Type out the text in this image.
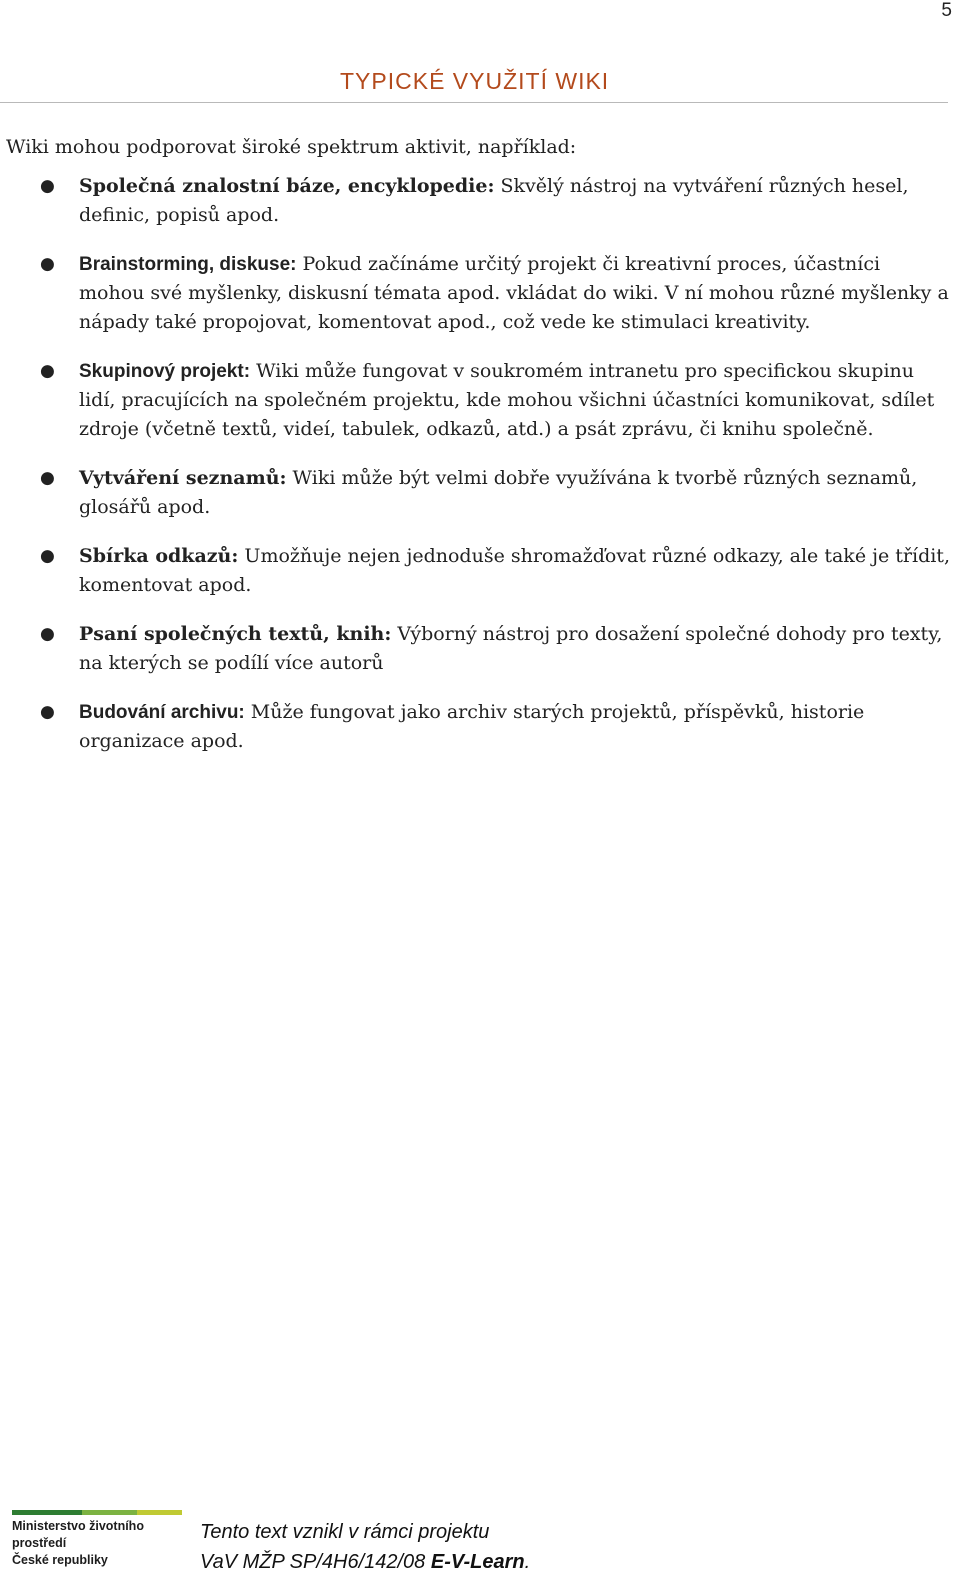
5
TYPICKÉ VYUŽITÍ WIKI
Wiki mohou podporovat široké spektrum aktivit, například:
● Společná znalostní báze, encyklopedie: Skvělý nástroj na vytváření různých hesel, definic, popisů apod.
● Brainstorming, diskuse: Pokud začínáme určitý projekt či kreativní proces, účastníci mohou své myšlenky, diskusní témata apod. vkládat do wiki. V ní mohou různé myšlenky a nápady také propojovat, komentovat apod., což vede ke stimulaci kreativity.
● Skupinový projekt: Wiki může fungovat v soukromém intranetu pro specifickou skupinu lidí, pracujících na společném projektu, kde mohou všichni účastníci komunikovat, sdílet zdroje (včetně textů, videí, tabulek, odkazů, atd.) a psát zprávu, či knihu společně.
● Vytváření seznamů: Wiki může být velmi dobře využívána k tvorbě různých seznamů, glosářů apod.
● Sbírka odkazů: Umožňuje nejen jednoduše shromažďovat různé odkazy, ale také je třídit, komentovat apod.
● Psaní společných textů, knih: Výborný nástroj pro dosažení společné dohody pro texty, na kterých se podílí více autorů
● Budování archivu: Může fungovat jako archiv starých projektů, příspěvků, historie organizace apod.
Ministerstvo životního prostředí
České republiky
Tento text vznikl v rámci projektu
VaV MŽP SP/4H6/142/08 E-V-Learn.
